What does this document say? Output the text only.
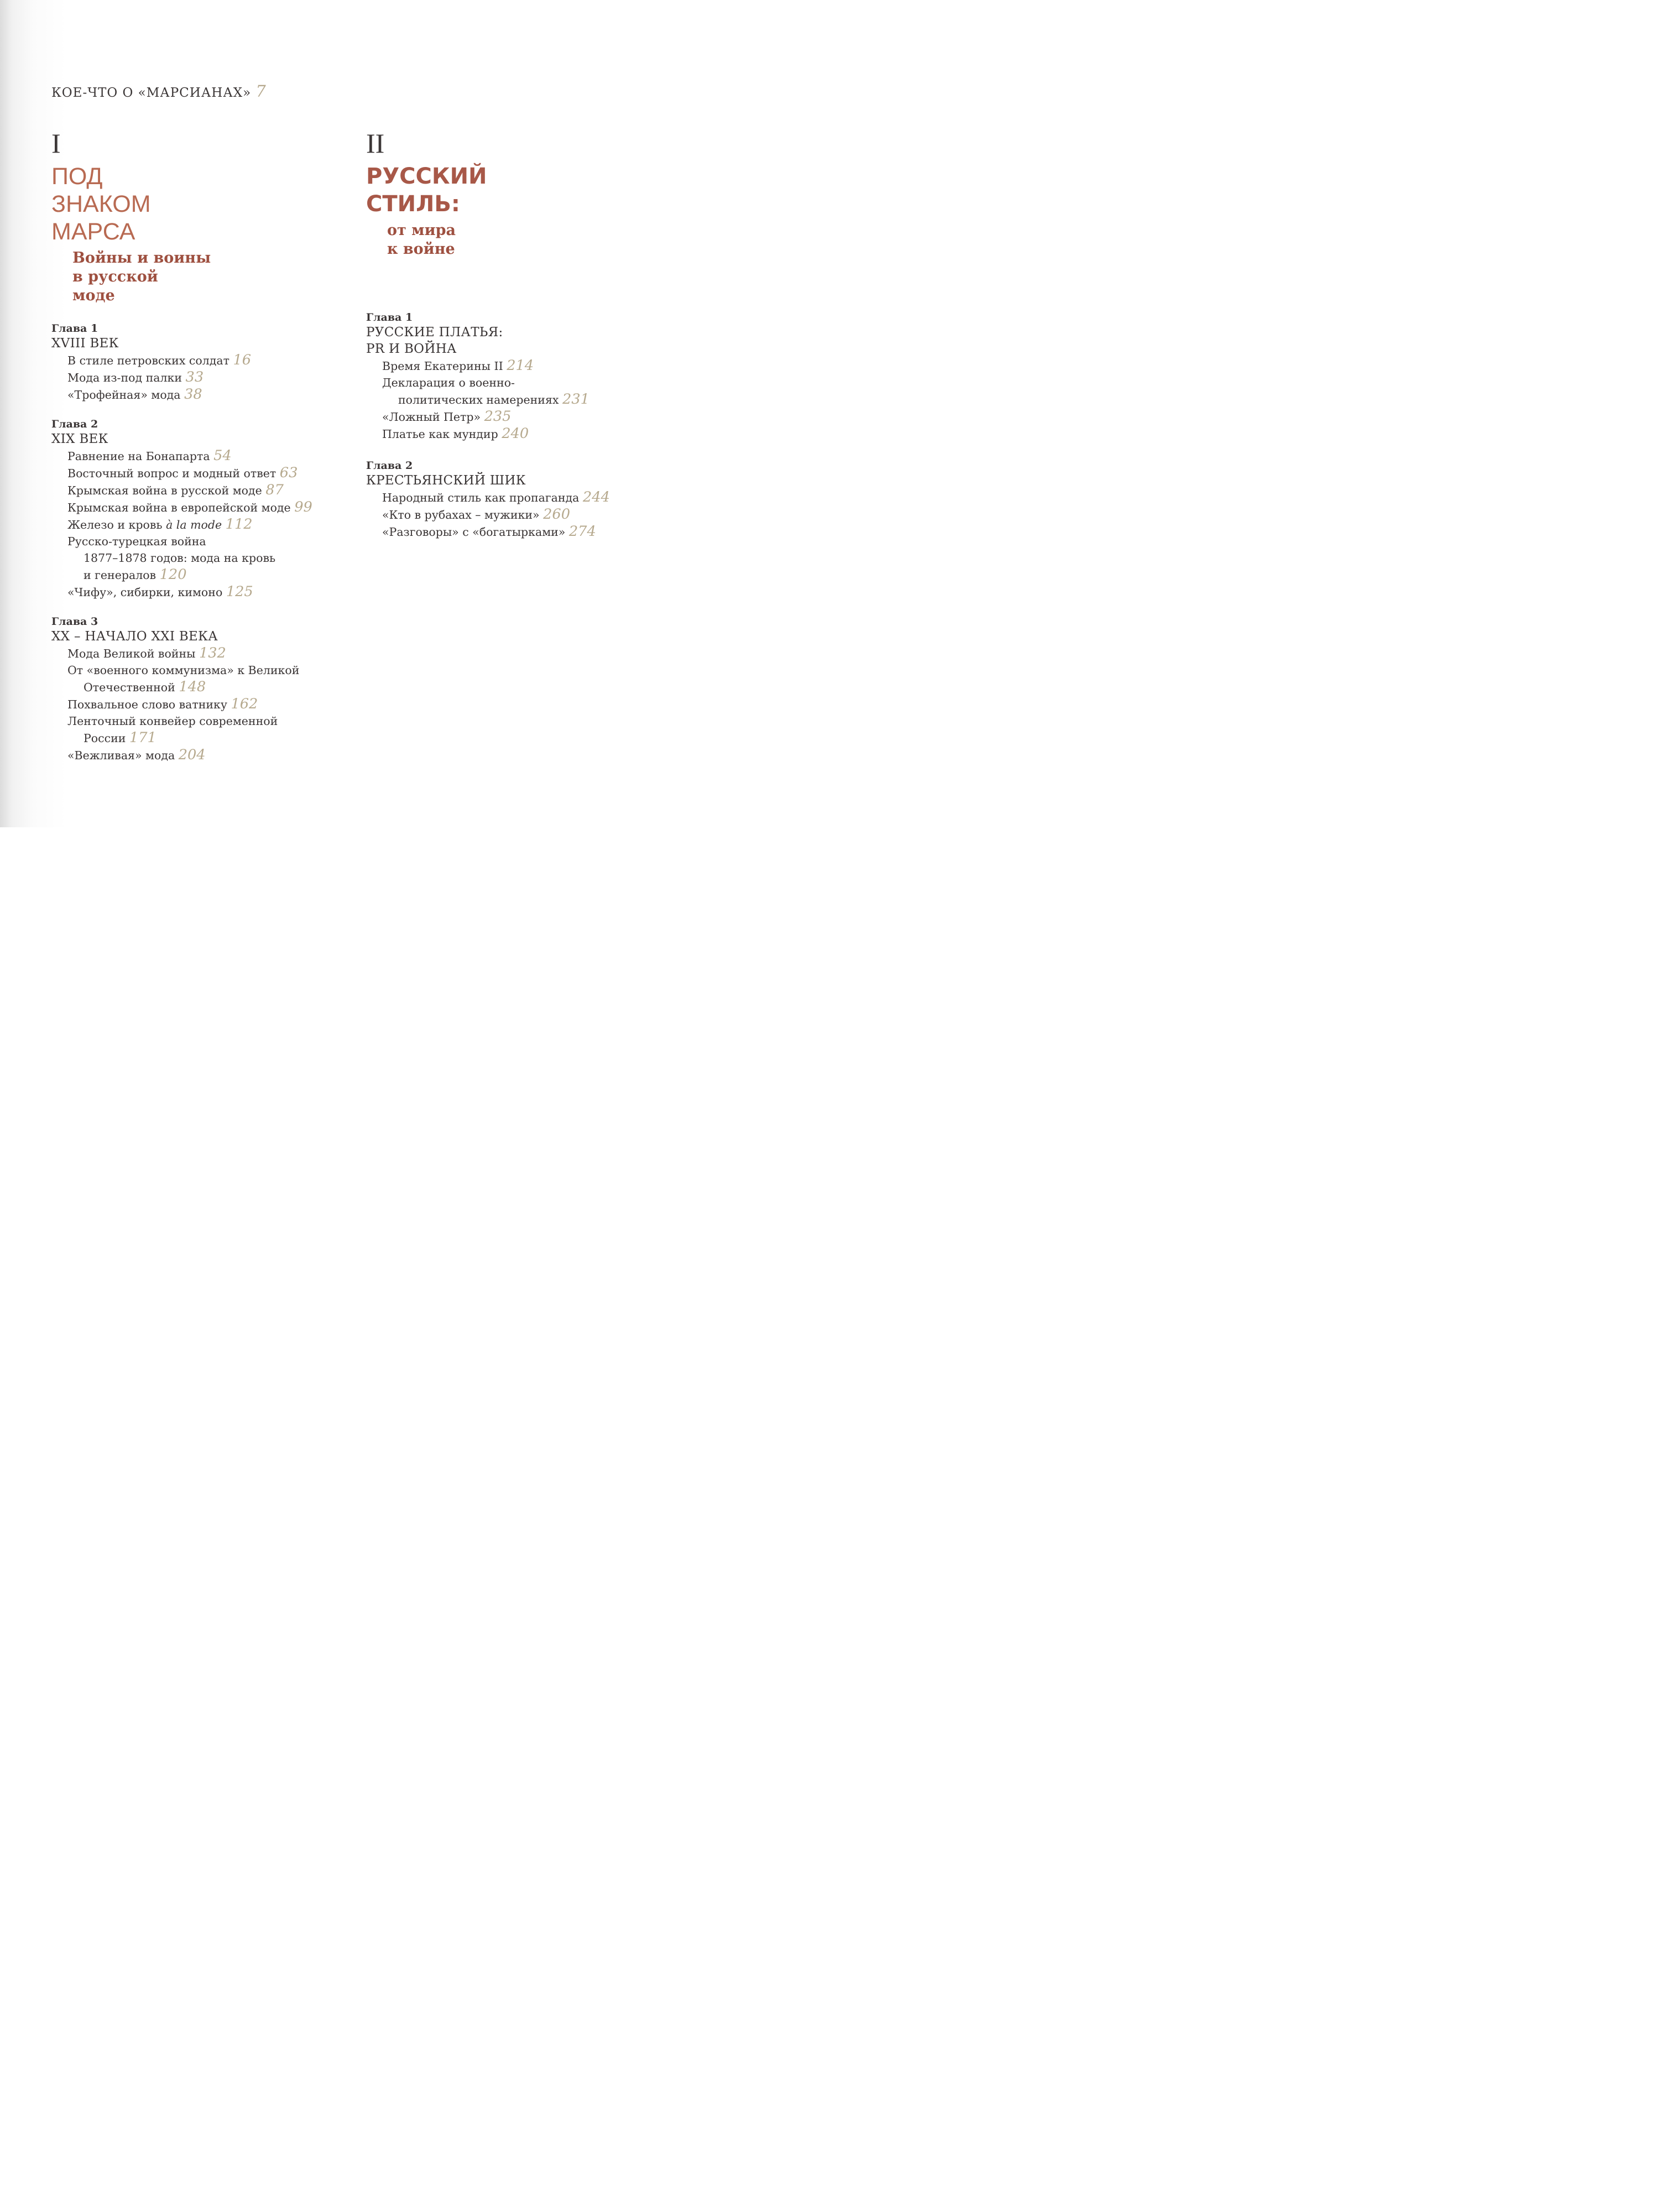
КОЕ-ЧТО О «МАРСИАНАХ» 7
I
ПОД
ЗНАКОМ
МАРСА
Войны и воины
в русской
моде
Глава 1
XVIII ВЕК
В стиле петровских солдат 16
Мода из-под палки 33
«Трофейная» мода 38
Глава 2
XIX ВЕК
Равнение на Бонапарта 54
Восточный вопрос и модный ответ 63
Крымская война в русской моде 87
Крымская война в европейской моде 99
Железо и кровь à la mode 112
Русско-турецкая война
1877–1878 годов: мода на кровь
и генералов 120
«Чифу», сибирки, кимоно 125
Глава 3
XX – НАЧАЛО XXI ВЕКА
Мода Великой войны 132
От «военного коммунизма» к Великой
Отечественной 148
Похвальное слово ватнику 162
Ленточный конвейер современной
России 171
«Вежливая» мода 204
II
РУССКИЙ
СТИЛЬ:
от мира
к войне
Глава 1
РУССКИЕ ПЛАТЬЯ:
PR И ВОЙНА
Время Екатерины II 214
Декларация о военно-
политических намерениях 231
«Ложный Петр» 235
Платье как мундир 240
Глава 2
КРЕСТЬЯНСКИЙ ШИК
Народный стиль как пропаганда 244
«Кто в рубахах – мужики» 260
«Разговоры» с «богатырками» 274
